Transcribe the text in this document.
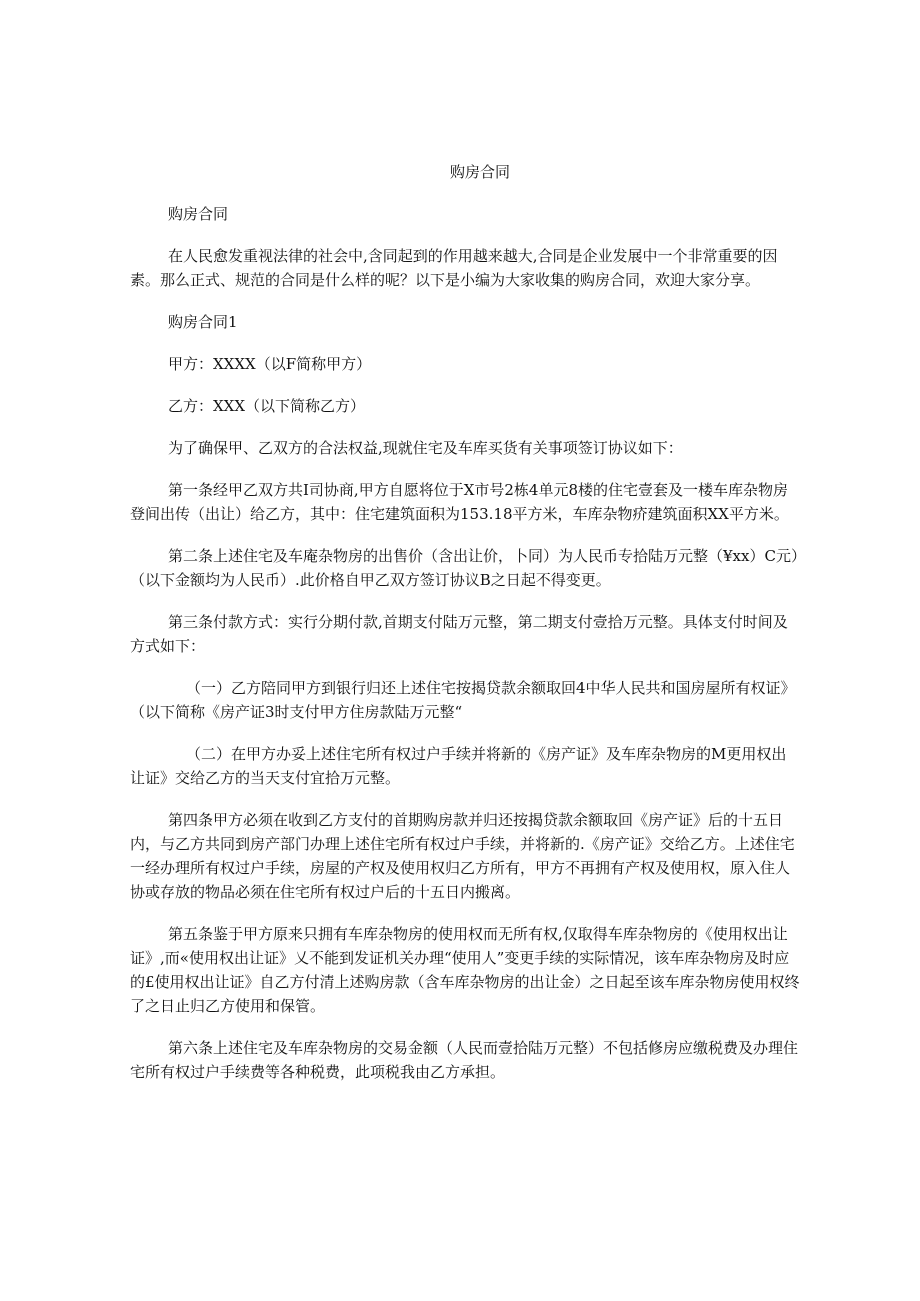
购房合同

购房合同

在人民愈发重视法律的社会中,含同起到的作用越来越大,合同是企业发展中一个非常重要的因素。那么正式、规范的合同是什么样的呢？以下是小编为大家收集的购房合同，欢迎大家分享。

购房合同1

甲方：XXXX（以F简称甲方）

乙方：XXX（以下简称乙方）

为了确保甲、乙双方的合法权益,现就住宅及车库买货有关事项签订协议如下：

第一条经甲乙双方共I司协商,甲方自愿将位于X市号2栋4单元8楼的住宅壹套及一楼车库杂物房登间出传（出让）给乙方，其中：住宅建筑面积为153.18平方米，车库杂物疥建筑面积XX平方米。

第二条上述住宅及车庵杂物房的出售价（含出让价，卜同）为人民币专拾陆万元整（¥xx）C元）（以下金额均为人民币）.此价格自甲乙双方签订协议B之日起不得变更。

第三条付款方式：实行分期付款,首期支付陆万元整，第二期支付壹拾万元整。具体支付时间及方式如下：

（一）乙方陪同甲方到银行归还上述住宅按揭贷款余额取回4中华人民共和国房屋所有权证》（以下简称《房产证3时支付甲方住房款陆万元整“

（二）在甲方办妥上述住宅所有权过户手续并将新的《房产证》及车库杂物房的M更用权出让证》交给乙方的当天支付宜拾万元整。

第四条甲方必须在收到乙方支付的首期购房款并归还按揭贷款余额取回《房产证》后的十五日内，与乙方共同到房产部门办理上述住宅所有权过户手续，并将新的.《房产证》交给乙方。上述住宅一经办理所有权过户手续，房屋的产权及使用权归乙方所有，甲方不再拥有产权及使用权，原入住人协或存放的物品必须在住宅所有权过户后的十五日内搬离。

第五条鉴于甲方原来只拥有车库杂物房的使用权而无所有权,仅取得车库杂物房的《使用权出让证》,而«使用权出让证》乂不能到发证机关办理“使用人”变更手续的实际情况，该车库杂物房及时应的£使用权出让证》自乙方付清上述购房款（含车库杂物房的出让金）之日起至该车库杂物房使用权终了之日止归乙方使用和保管。

第六条上述住宅及车库杂物房的交易金额（人民而壹拾陆万元整）不包括修房应缴税费及办理住宅所有权过户手续费等各种税费，此项税我由乙方承担。
